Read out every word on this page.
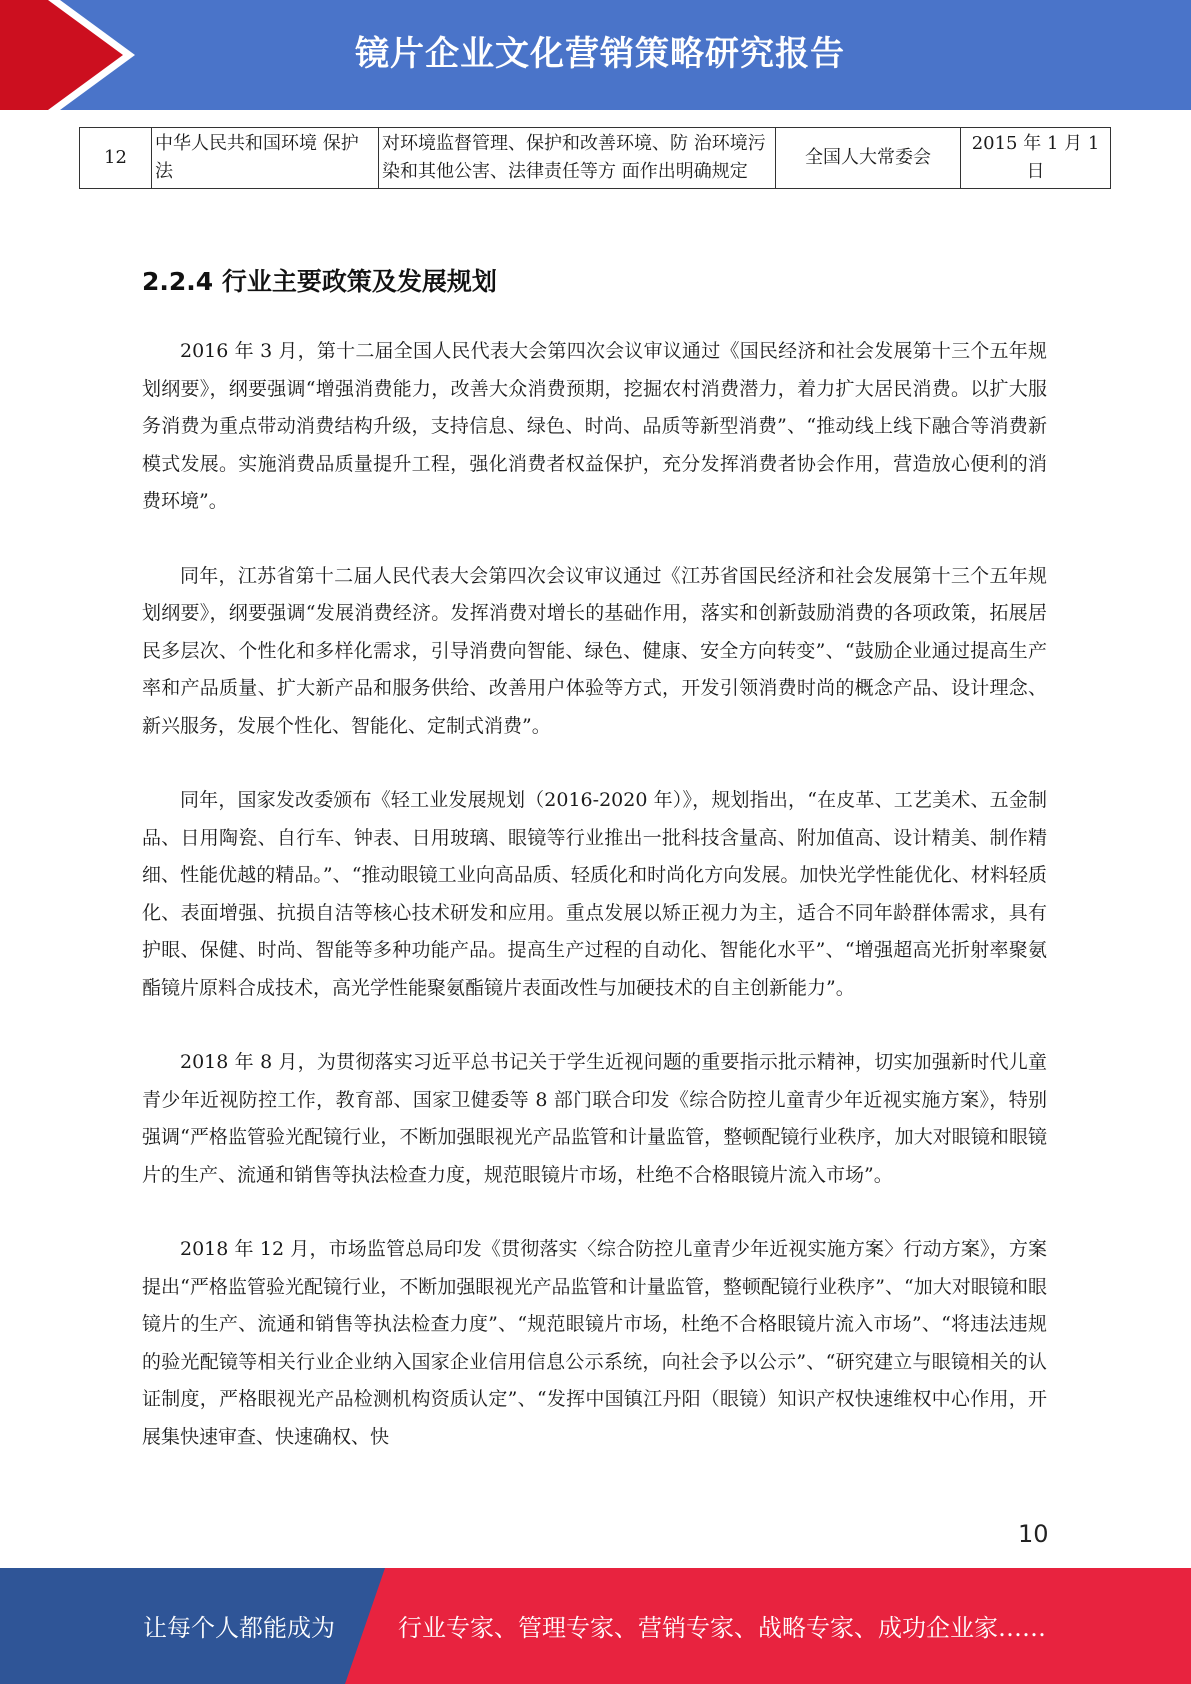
镜片企业文化营销策略研究报告
12	中华人民共和国环境 保护法	对环境监督管理、保护和改善环境、防 治环境污染和其他公害、法律责任等方 面作出明确规定	全国人大常委会	2015 年 1 月 1 日
2.2.4 行业主要政策及发展规划

2016 年 3 月，第十二届全国人民代表大会第四次会议审议通过《国民经济和社会发展第十三个五年规划纲要》，纲要强调“增强消费能力，改善大众消费预期，挖掘农村消费潜力，着力扩大居民消费。以扩大服务消费为重点带动消费结构升级，支持信息、绿色、时尚、品质等新型消费”、“推动线上线下融合等消费新模式发展。实施消费品质量提升工程，强化消费者权益保护，充分发挥消费者协会作用，营造放心便利的消费环境”。

同年，江苏省第十二届人民代表大会第四次会议审议通过《江苏省国民经济和社会发展第十三个五年规划纲要》，纲要强调“发展消费经济。发挥消费对增长的基础作用，落实和创新鼓励消费的各项政策，拓展居民多层次、个性化和多样化需求，引导消费向智能、绿色、健康、安全方向转变”、“鼓励企业通过提高生产率和产品质量、扩大新产品和服务供给、改善用户体验等方式，开发引领消费时尚的概念产品、设计理念、新兴服务，发展个性化、智能化、定制式消费”。

同年，国家发改委颁布《轻工业发展规划（2016-2020 年）》，规划指出，“在皮革、工艺美术、五金制品、日用陶瓷、自行车、钟表、日用玻璃、眼镜等行业推出一批科技含量高、附加值高、设计精美、制作精细、性能优越的精品。”、“推动眼镜工业向高品质、轻质化和时尚化方向发展。加快光学性能优化、材料轻质化、表面增强、抗损自洁等核心技术研发和应用。重点发展以矫正视力为主，适合不同年龄群体需求，具有护眼、保健、时尚、智能等多种功能产品。提高生产过程的自动化、智能化水平”、“增强超高光折射率聚氨酯镜片原料合成技术，高光学性能聚氨酯镜片表面改性与加硬技术的自主创新能力”。

2018 年 8 月，为贯彻落实习近平总书记关于学生近视问题的重要指示批示精神，切实加强新时代儿童青少年近视防控工作，教育部、国家卫健委等 8 部门联合印发《综合防控儿童青少年近视实施方案》，特别强调“严格监管验光配镜行业，不断加强眼视光产品监管和计量监管，整顿配镜行业秩序，加大对眼镜和眼镜片的生产、流通和销售等执法检查力度，规范眼镜片市场，杜绝不合格眼镜片流入市场”。

2018 年 12 月，市场监管总局印发《贯彻落实〈综合防控儿童青少年近视实施方案〉行动方案》，方案提出“严格监管验光配镜行业，不断加强眼视光产品监管和计量监管，整顿配镜行业秩序”、“加大对眼镜和眼镜片的生产、流通和销售等执法检查力度”、“规范眼镜片市场，杜绝不合格眼镜片流入市场”、“将违法违规的验光配镜等相关行业企业纳入国家企业信用信息公示系统，向社会予以公示”、“研究建立与眼镜相关的认证制度，严格眼视光产品检测机构资质认定”、“发挥中国镇江丹阳（眼镜）知识产权快速维权中心作用，开展集快速审查、快速确权、快

10
让每个人都能成为	行业专家、管理专家、营销专家、战略专家、成功企业家……
